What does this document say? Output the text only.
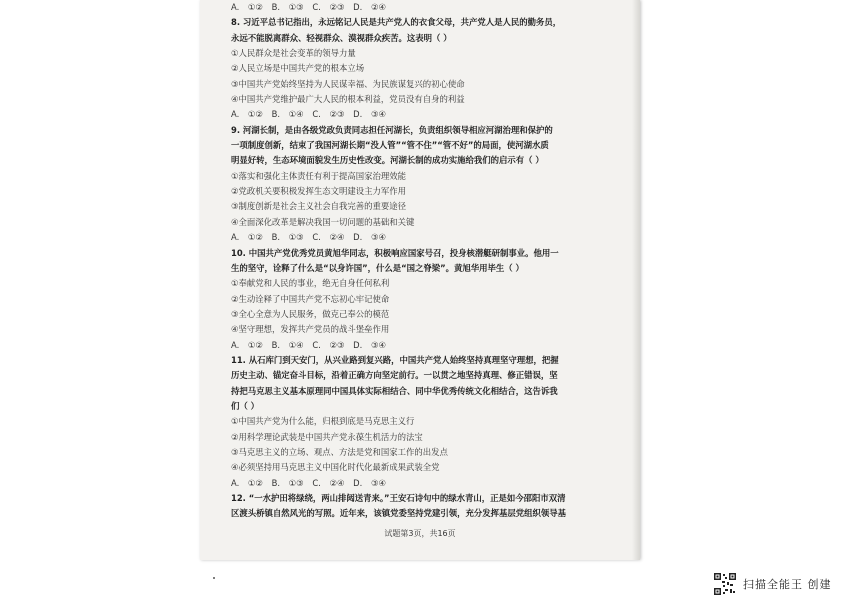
A. ①② B. ①③ C. ②③ D. ②④

8. 习近平总书记指出，永远铭记人民是共产党人的衣食父母，共产党人是人民的勤务员，

永远不能脱离群众、轻视群众、漠视群众疾苦。这表明（ ）

①人民群众是社会变革的领导力量

②人民立场是中国共产党的根本立场

③中国共产党始终坚持为人民谋幸福、为民族谋复兴的初心使命

④中国共产党维护最广大人民的根本利益，党员没有自身的利益

A. ①② B. ①④ C. ②③ D. ③④

9. 河湖长制，是由各级党政负责同志担任河湖长，负责组织领导相应河湖治理和保护的

一项制度创新，结束了我国河湖长期“没人管”“管不住”“管不好”的局面，使河湖水质

明显好转，生态环境面貌发生历史性改变。河湖长制的成功实施给我们的启示有（ ）

①落实和强化主体责任有利于提高国家治理效能

②党政机关要积极发挥生态文明建设主力军作用

③制度创新是社会主义社会自我完善的重要途径

④全面深化改革是解决我国一切问题的基础和关键

A. ①② B. ①③ C. ②④ D. ③④

10. 中国共产党优秀党员黄旭华同志，积极响应国家号召，投身核潜艇研制事业。他用一

生的坚守，诠释了什么是“以身许国”，什么是“国之脊梁”。黄旭华用毕生（ ）

①奉献党和人民的事业，绝无自身任何私利

②生动诠释了中国共产党不忘初心牢记使命

③全心全意为人民服务，做克己奉公的模范

④坚守理想，发挥共产党员的战斗堡垒作用

A. ①② B. ①④ C. ②③ D. ③④

11. 从石库门到天安门，从兴业路到复兴路，中国共产党人始终坚持真理坚守理想，把握

历史主动、锚定奋斗目标，沿着正确方向坚定前行。一以贯之地坚持真理、修正错误，坚

持把马克思主义基本原理同中国具体实际相结合、同中华优秀传统文化相结合，这告诉我

们（ ）

①中国共产党为什么能，归根到底是马克思主义行

②用科学理论武装是中国共产党永葆生机活力的法宝

③马克思主义的立场、观点、方法是党和国家工作的出发点

④必须坚持用马克思主义中国化时代化最新成果武装全党

A. ①② B. ①③ C. ②④ D. ③④

12. “一水护田将绿绕，两山排闼送青来。”王安石诗句中的绿水青山，正是如今邵阳市双清

区渡头桥镇自然风光的写照。近年来，该镇党委坚持党建引领，充分发挥基层党组织领导基

试题第3页，共16页
扫描全能王 创建
